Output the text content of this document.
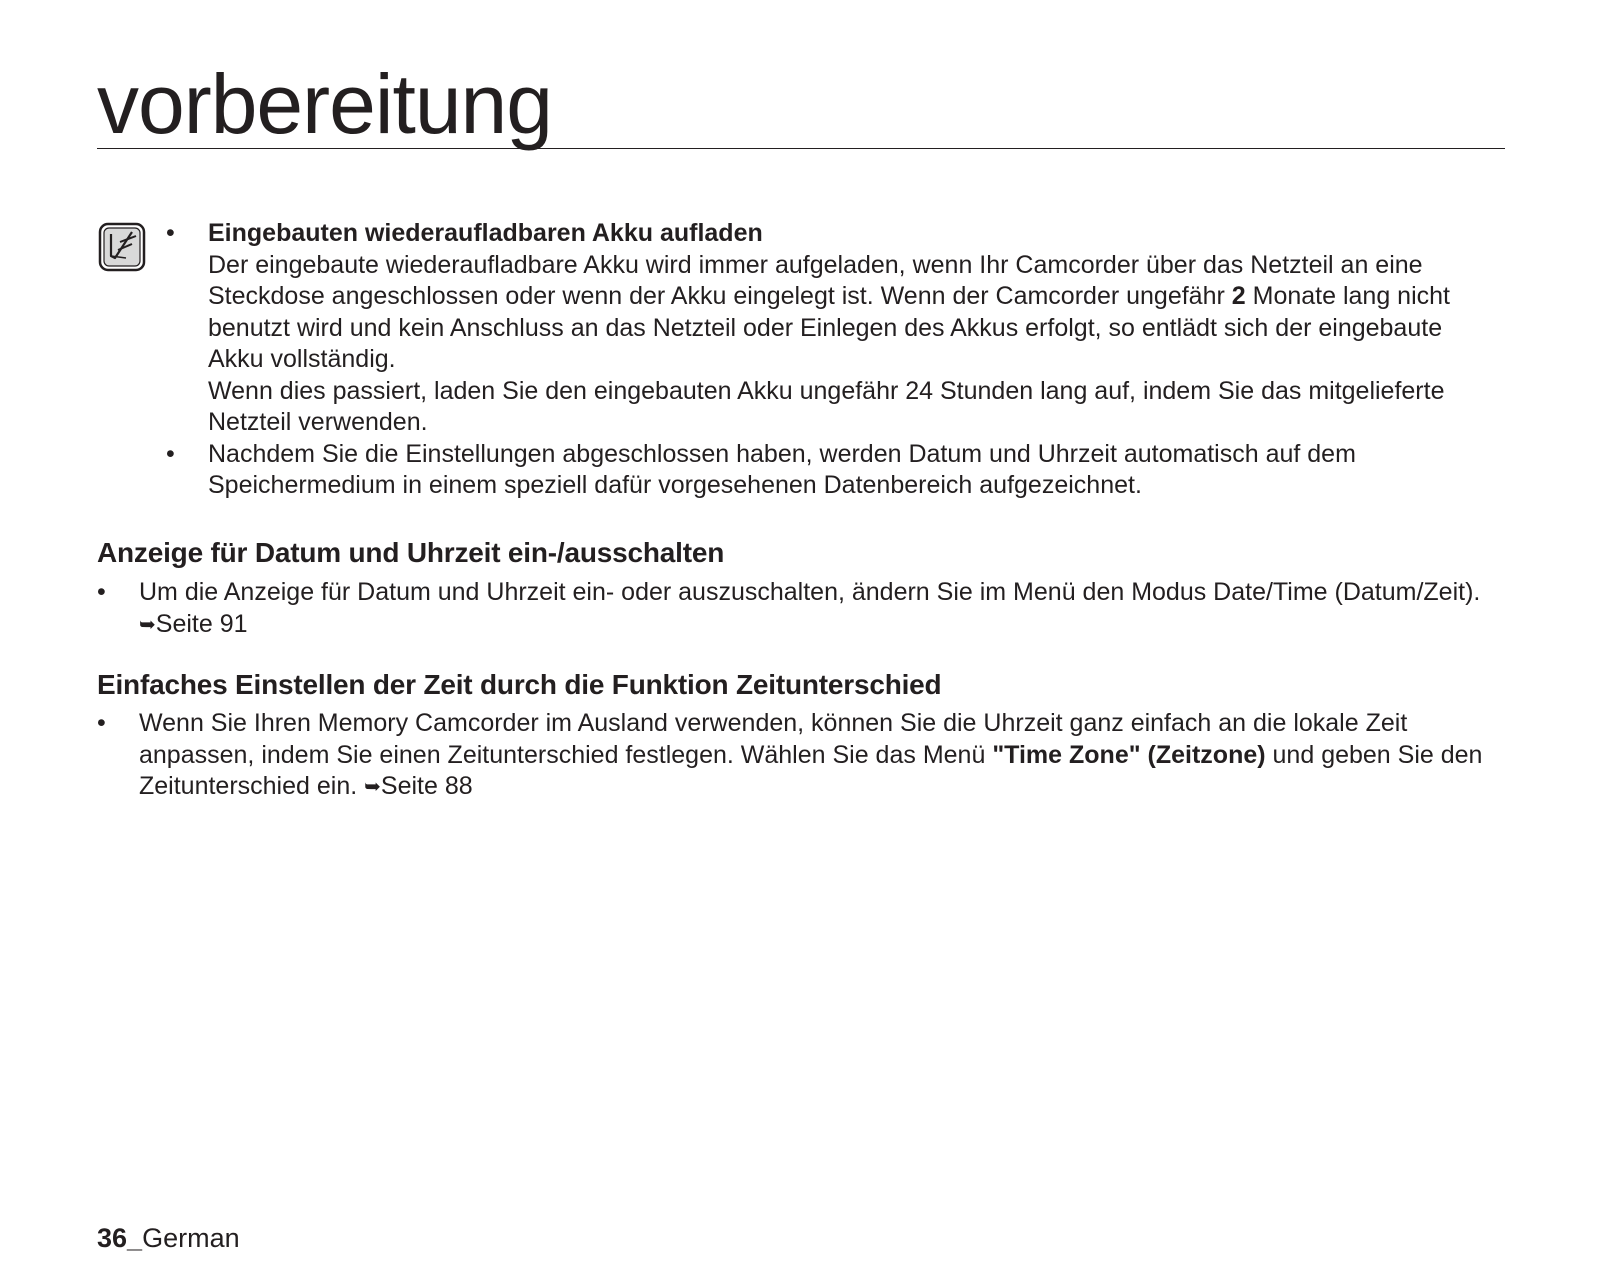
vorbereitung
• Eingebauten wiederaufladbaren Akku aufladen
Der eingebaute wiederaufladbare Akku wird immer aufgeladen, wenn Ihr Camcorder über das Netzteil an eine Steckdose angeschlossen oder wenn der Akku eingelegt ist. Wenn der Camcorder ungefähr 2 Monate lang nicht benutzt wird und kein Anschluss an das Netzteil oder Einlegen des Akkus erfolgt, so entlädt sich der eingebaute Akku vollständig.
Wenn dies passiert, laden Sie den eingebauten Akku ungefähr 24 Stunden lang auf, indem Sie das mitgelieferte Netzteil verwenden.
• Nachdem Sie die Einstellungen abgeschlossen haben, werden Datum und Uhrzeit automatisch auf dem Speichermedium in einem speziell dafür vorgesehenen Datenbereich aufgezeichnet.
Anzeige für Datum und Uhrzeit ein-/ausschalten
• Um die Anzeige für Datum und Uhrzeit ein- oder auszuschalten, ändern Sie im Menü den Modus Date/Time (Datum/Zeit). ➥Seite 91
Einfaches Einstellen der Zeit durch die Funktion Zeitunterschied
• Wenn Sie Ihren Memory Camcorder im Ausland verwenden, können Sie die Uhrzeit ganz einfach an die lokale Zeit anpassen, indem Sie einen Zeitunterschied festlegen. Wählen Sie das Menü "Time Zone" (Zeitzone) und geben Sie den Zeitunterschied ein. ➥Seite 88
36_German
